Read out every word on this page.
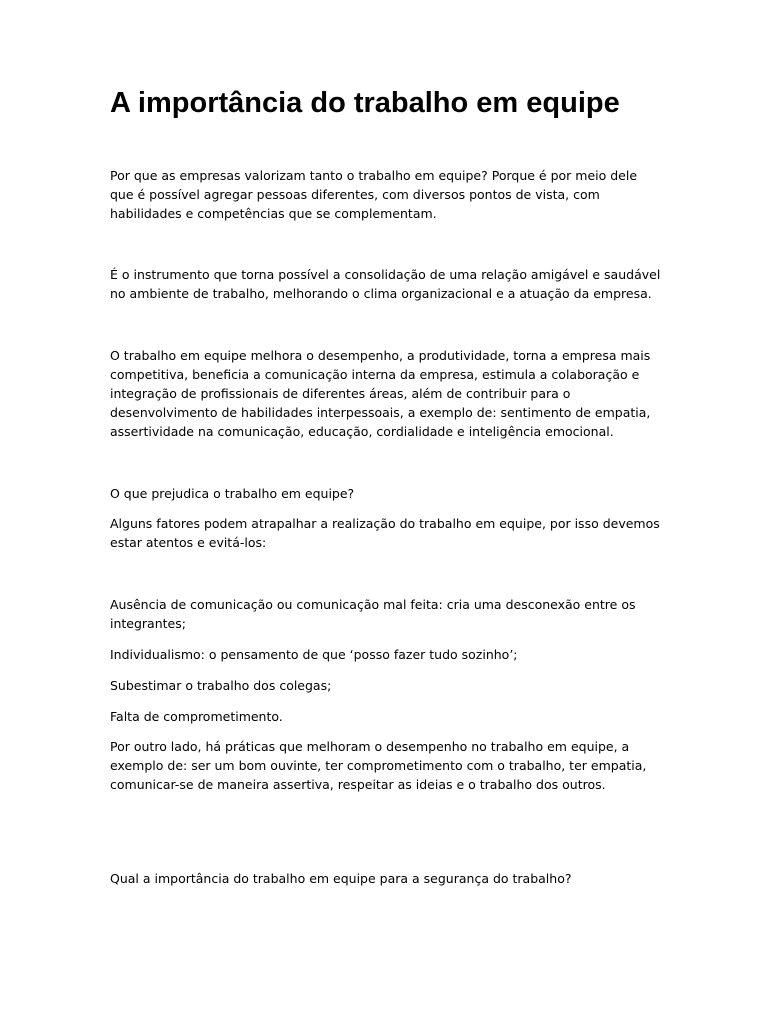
A importância do trabalho em equipe

Por que as empresas valorizam tanto o trabalho em equipe? Porque é por meio dele que é possível agregar pessoas diferentes, com diversos pontos de vista, com habilidades e competências que se complementam.

É o instrumento que torna possível a consolidação de uma relação amigável e saudável no ambiente de trabalho, melhorando o clima organizacional e a atuação da empresa.

O trabalho em equipe melhora o desempenho, a produtividade, torna a empresa mais competitiva, beneficia a comunicação interna da empresa, estimula a colaboração e integração de profissionais de diferentes áreas, além de contribuir para o desenvolvimento de habilidades interpessoais, a exemplo de: sentimento de empatia, assertividade na comunicação, educação, cordialidade e inteligência emocional.

O que prejudica o trabalho em equipe?

Alguns fatores podem atrapalhar a realização do trabalho em equipe, por isso devemos estar atentos e evitá-los:

Ausência de comunicação ou comunicação mal feita: cria uma desconexão entre os integrantes;

Individualismo: o pensamento de que ‘posso fazer tudo sozinho’;

Subestimar o trabalho dos colegas;

Falta de comprometimento.

Por outro lado, há práticas que melhoram o desempenho no trabalho em equipe, a exemplo de: ser um bom ouvinte, ter comprometimento com o trabalho, ter empatia, comunicar-se de maneira assertiva, respeitar as ideias e o trabalho dos outros.

Qual a importância do trabalho em equipe para a segurança do trabalho?
